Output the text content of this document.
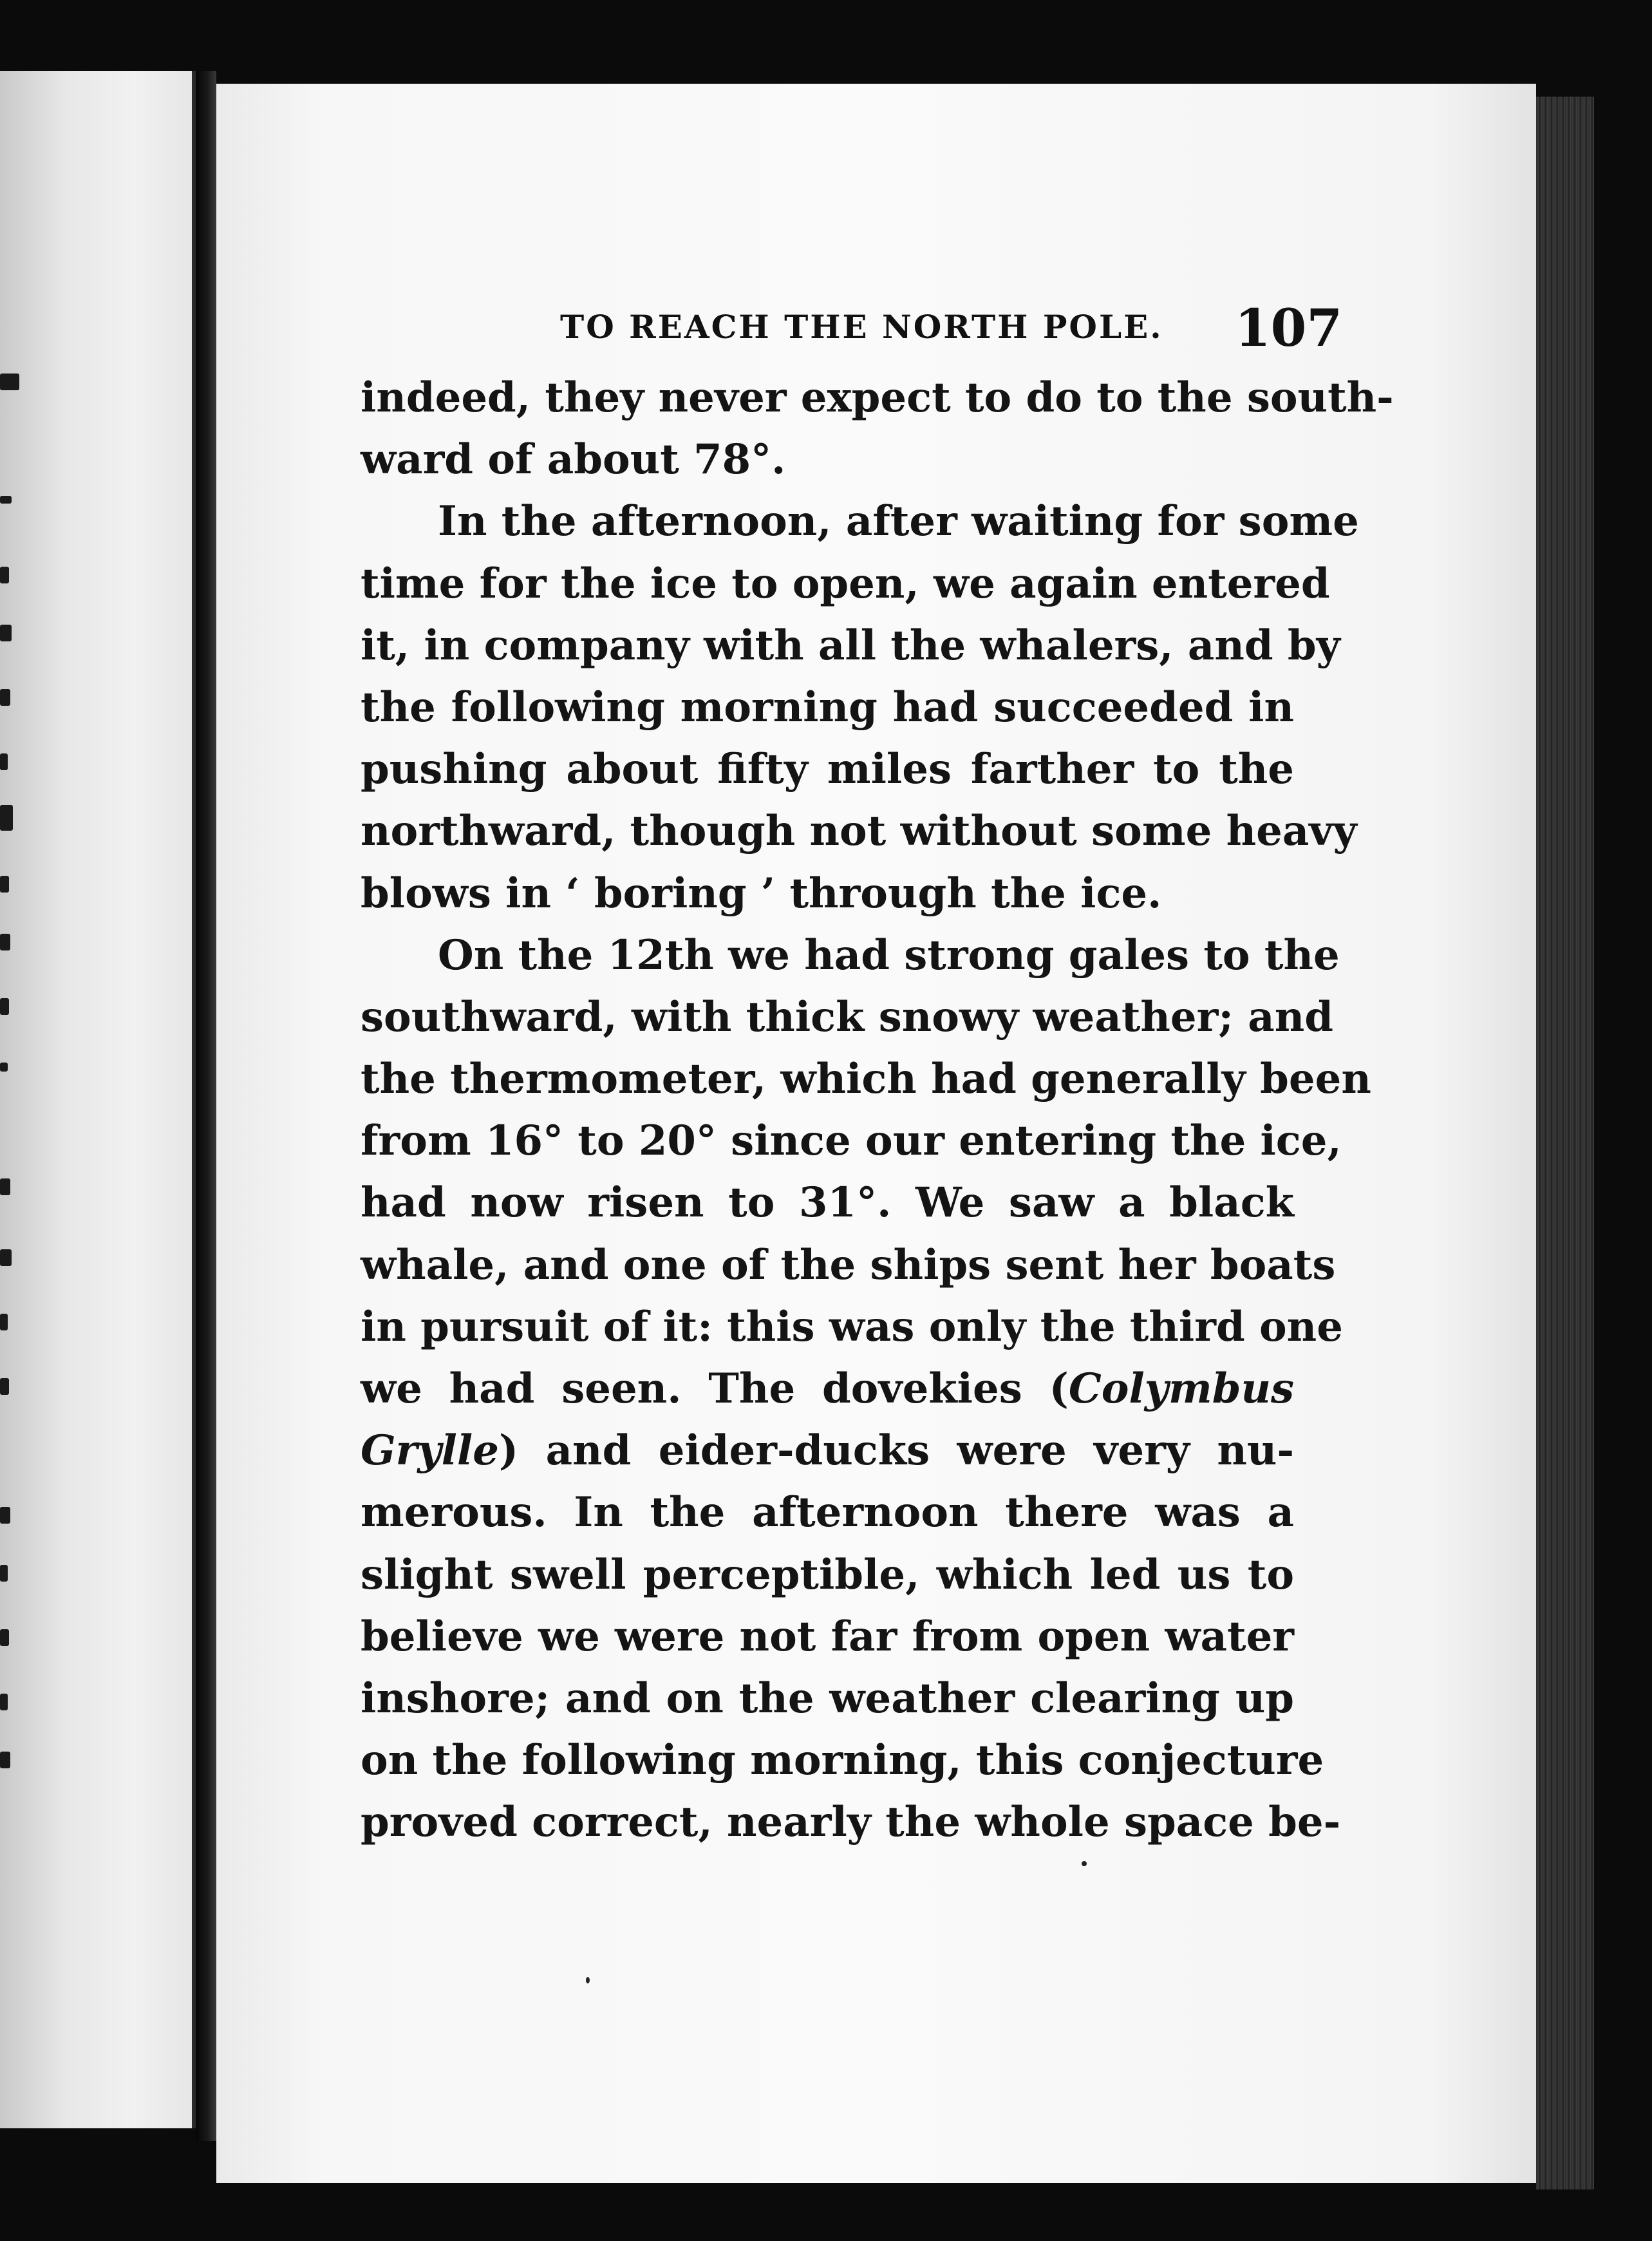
TO REACH THE NORTH POLE.	107
indeed, they never expect to do to the south-
ward of about 78°.
In the afternoon, after waiting for some
time for the ice to open, we again entered
it, in company with all the whalers, and by
the following morning had succeeded in
pushing about fifty miles farther to the
northward, though not without some heavy
blows in ‘ boring ’ through the ice.
On the 12th we had strong gales to the
southward, with thick snowy weather; and
the thermometer, which had generally been
from 16° to 20° since our entering the ice,
had now risen to 31°. We saw a black
whale, and one of the ships sent her boats
in pursuit of it: this was only the third one
we had seen. The dovekies (Colymbus
Grylle) and eider-ducks were very nu-
merous. In the afternoon there was a
slight swell perceptible, which led us to
believe we were not far from open water
inshore; and on the weather clearing up
on the following morning, this conjecture
proved correct, nearly the whole space be-
